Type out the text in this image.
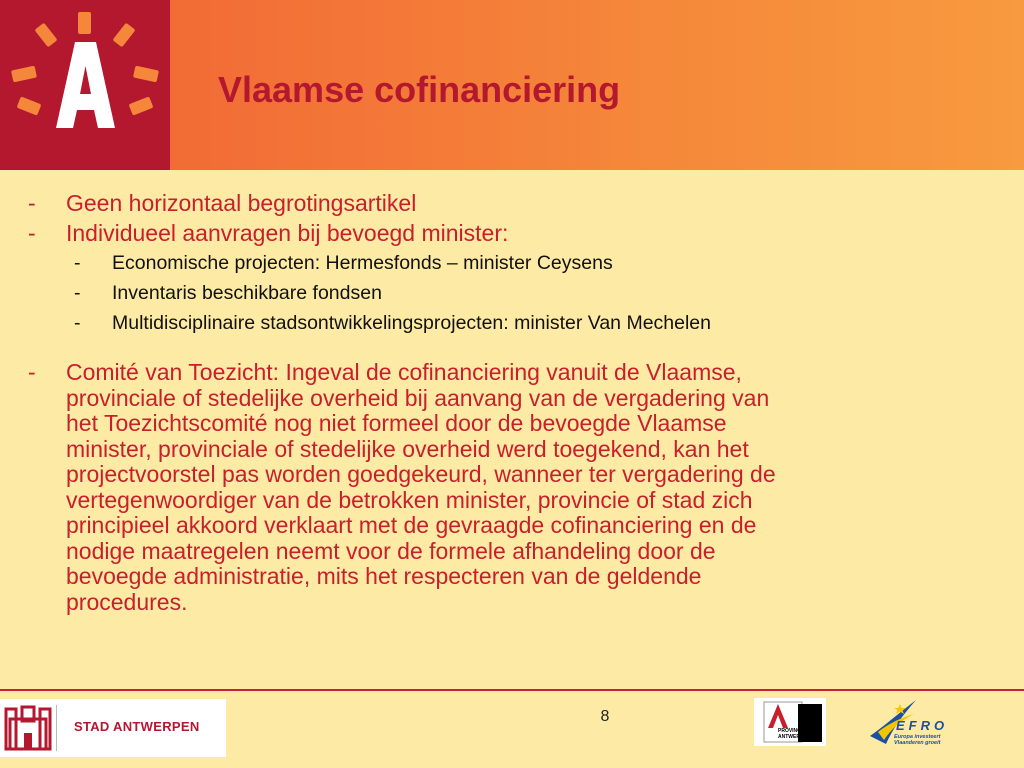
Vlaamse cofinanciering
- Geen horizontaal begrotingsartikel
- Individueel aanvragen bij bevoegd minister:
- Economische projecten: Hermesfonds – minister Ceysens
- Inventaris beschikbare fondsen
- Multidisciplinaire stadsontwikkelingsprojecten: minister Van Mechelen
- Comité van Toezicht: Ingeval de cofinanciering vanuit de Vlaamse,
provinciale of stedelijke overheid bij aanvang van de vergadering van
het Toezichtscomité nog niet formeel door de bevoegde Vlaamse
minister, provinciale of stedelijke overheid werd toegekend, kan het
projectvoorstel pas worden goedgekeurd, wanneer ter vergadering de
vertegenwoordiger van de betrokken minister, provincie of stad zich
principieel akkoord verklaart met de gevraagde cofinanciering en de
nodige maatregelen neemt voor de formele afhandeling door de
bevoegde administratie, mits het respecteren van de geldende
procedures.
STAD ANTWERPEN
8
PROVINCIE
ANTWERPEN
EFRO
Europa investeert
Vlaanderen groeit
